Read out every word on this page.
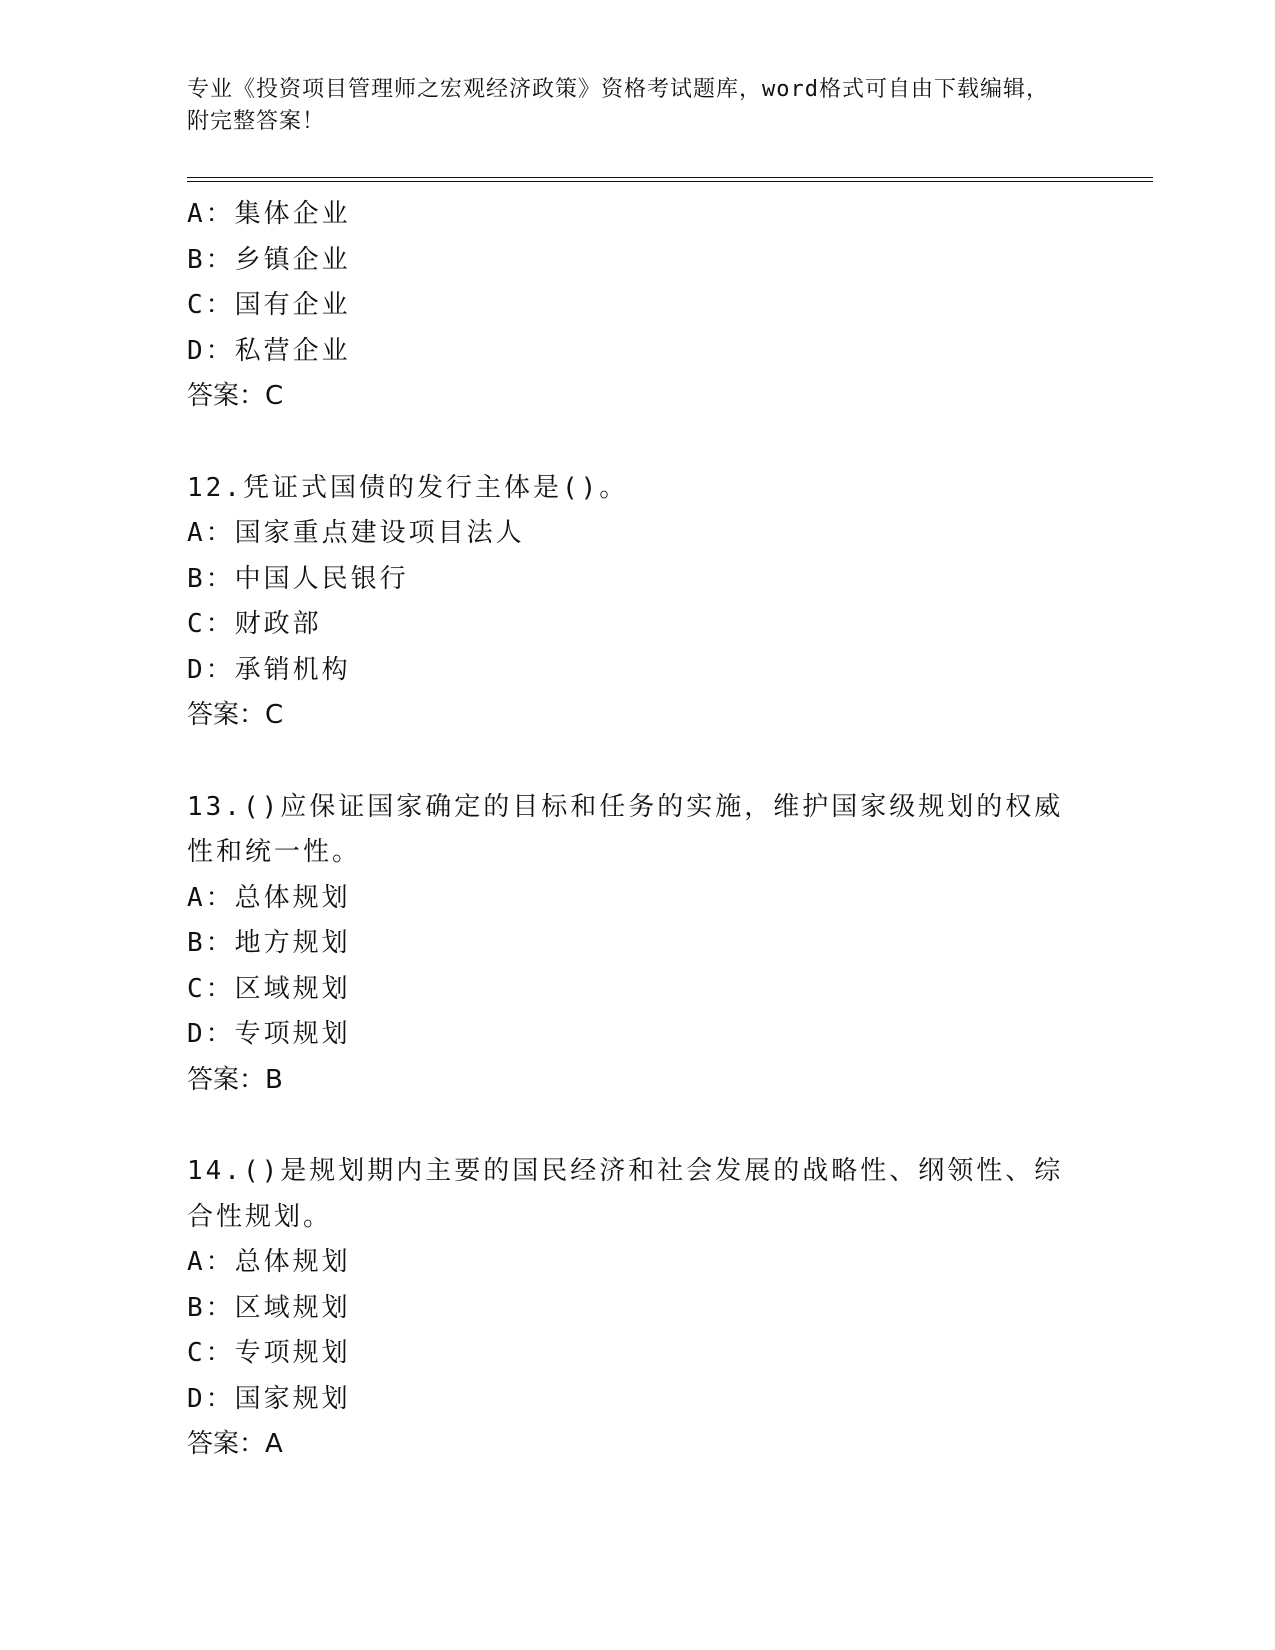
专业《投资项目管理师之宏观经济政策》资格考试题库，word格式可自由下载编辑，附完整答案！
A：集体企业
B：乡镇企业
C：国有企业
D：私营企业
答案：C
12.凭证式国债的发行主体是()。
A：国家重点建设项目法人
B：中国人民银行
C：财政部
D：承销机构
答案：C
13.()应保证国家确定的目标和任务的实施，维护国家级规划的权威性和统一性。
A：总体规划
B：地方规划
C：区域规划
D：专项规划
答案：B
14.()是规划期内主要的国民经济和社会发展的战略性、纲领性、综合性规划。
A：总体规划
B：区域规划
C：专项规划
D：国家规划
答案：A
